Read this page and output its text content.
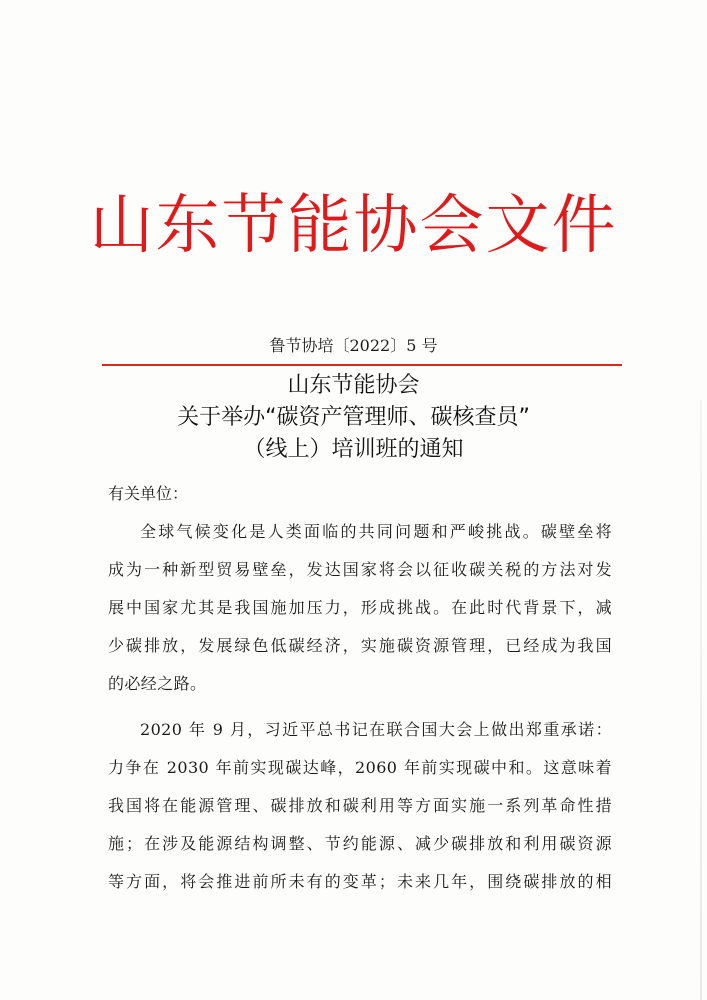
山东节能协会文件
鲁节协培〔2022〕5 号
山东节能协会
关于举办“碳资产管理师、碳核查员”
（线上）培训班的通知
有关单位：
全球气候变化是人类面临的共同问题和严峻挑战。碳壁垒将
成为一种新型贸易壁垒，发达国家将会以征收碳关税的方法对发
展中国家尤其是我国施加压力，形成挑战。在此时代背景下，减
少碳排放，发展绿色低碳经济，实施碳资源管理，已经成为我国
的必经之路。
2020 年 9 月，习近平总书记在联合国大会上做出郑重承诺：
力争在 2030 年前实现碳达峰，2060 年前实现碳中和。这意味着
我国将在能源管理、碳排放和碳利用等方面实施一系列革命性措
施；在涉及能源结构调整、节约能源、减少碳排放和利用碳资源
等方面，将会推进前所未有的变革；未来几年，围绕碳排放的相
